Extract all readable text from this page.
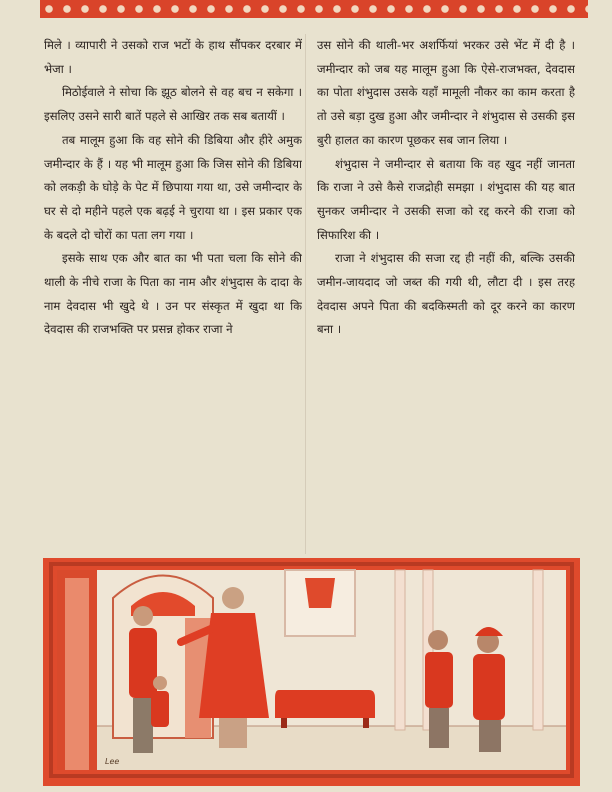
मिले । व्यापारी ने उसको राज भटों के हाथ सौंपकर दरबार में भेजा ।

मिठोईवाले ने सोचा कि झूठ बोलने से वह बच न सकेगा । इसलिए उसने सारी बातें पहले से आखिर तक सब बतायीं ।

तब मालूम हुआ कि वह सोने की डिबिया और हीरे अमुक जमीन्दार के हैं । यह भी मालूम हुआ कि जिस सोने की डिबिया को लकड़ी के घोड़े के पेट में छिपाया गया था, उसे जमीन्दार के घर से दो महीने पहले एक बढ़ई ने चुराया था । इस प्रकार एक के बदले दो चोरों का पता लग गया ।

इसके साथ एक और बात का भी पता चला कि सोने की थाली के नीचे राजा के पिता का नाम और शंभुदास के दादा के नाम देवदास भी खुदे थे । उन पर संस्कृत में खुदा था कि देवदास की राजभक्ति पर प्रसन्न होकर राजा ने

उस सोने की थाली-भर अशर्फियां भरकर उसे भेंट में दी है । जमीन्दार को जब यह मालूम हुआ कि ऐसे-राजभक्त, देवदास का पोता शंभुदास उसके यहाँ मामूली नौकर का काम करता है तो उसे बड़ा दुख हुआ और जमीन्दार ने शंभुदास से उसकी इस बुरी हालत का कारण पूछकर सब जान लिया ।

शंभुदास ने जमीन्दार से बताया कि वह खुद नहीं जानता कि राजा ने उसे कैसे राजद्रोही समझा । शंभुदास की यह बात सुनकर जमीन्दार ने उसकी सजा को रद्द करने की राजा को सिफारिश की ।

राजा ने शंभुदास की सजा रद्द ही नहीं की, बल्कि उसकी जमीन-जायदाद जो जब्त की गयी थी, लौटा दी । इस तरह देवदास अपने पिता की बदकिस्मती को दूर करने का कारण बना ।

Lee
